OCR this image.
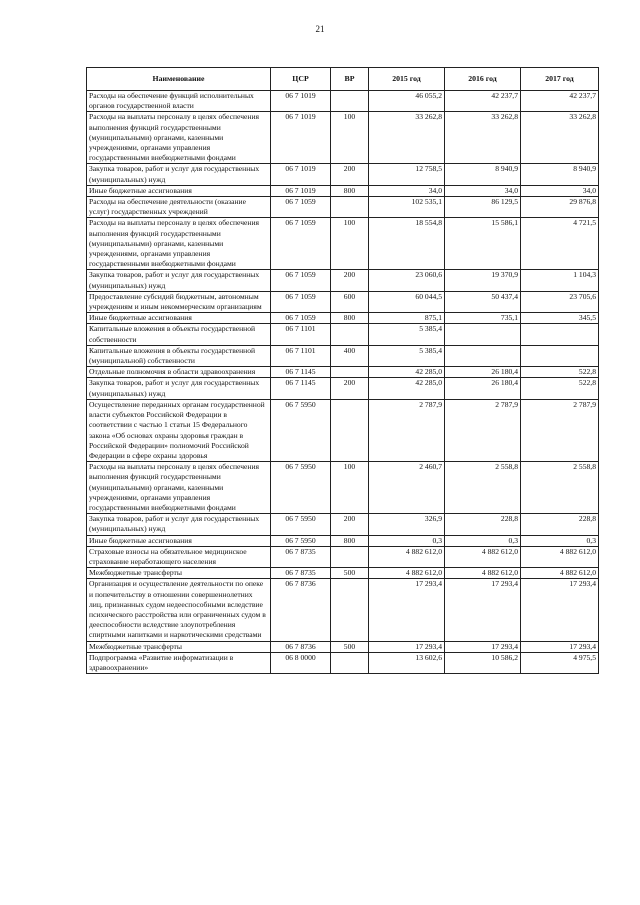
21
Наименование	ЦСР	ВР	2015 год	2016 год	2017 год
Расходы на обеспечение функций исполнительных органов государственной власти	06 7 1019		46 055,2	42 237,7	42 237,7
Расходы на выплаты персоналу в целях обеспечения выполнения функций государственными (муниципальными) органами, казенными учреждениями, органами управления государственными внебюджетными фондами	06 7 1019	100	33 262,8	33 262,8	33 262,8
Закупка товаров, работ и услуг для государственных (муниципальных) нужд	06 7 1019	200	12 758,5	8 940,9	8 940,9
Иные бюджетные ассигнования	06 7 1019	800	34,0	34,0	34,0
Расходы на обеспечение деятельности (оказание услуг) государственных учреждений	06 7 1059		102 535,1	86 129,5	29 876,8
Расходы на выплаты персоналу в целях обеспечения выполнения функций государственными (муниципальными) органами, казенными учреждениями, органами управления государственными внебюджетными фондами	06 7 1059	100	18 554,8	15 586,1	4 721,5
Закупка товаров, работ и услуг для государственных (муниципальных) нужд	06 7 1059	200	23 060,6	19 370,9	1 104,3
Предоставление субсидий бюджетным, автономным учреждениям и иным некоммерческим организациям	06 7 1059	600	60 044,5	50 437,4	23 705,6
Иные бюджетные ассигнования	06 7 1059	800	875,1	735,1	345,5
Капитальные вложения в объекты государственной собственности	06 7 1101		5 385,4		
Капитальные вложения в объекты государственной (муниципальной) собственности	06 7 1101	400	5 385,4		
Отдельные полномочия в области здравоохранения	06 7 1145		42 285,0	26 180,4	522,8
Закупка товаров, работ и услуг для государственных (муниципальных) нужд	06 7 1145	200	42 285,0	26 180,4	522,8
Осуществление переданных органам государственной власти субъектов Российской Федерации в соответствии с частью 1 статьи 15 Федерального закона «Об основах охраны здоровья граждан в Российской Федерации» полномочий Российской Федерации в сфере охраны здоровья	06 7 5950		2 787,9	2 787,9	2 787,9
Расходы на выплаты персоналу в целях обеспечения выполнения функций государственными (муниципальными) органами, казенными учреждениями, органами управления государственными внебюджетными фондами	06 7 5950	100	2 460,7	2 558,8	2 558,8
Закупка товаров, работ и услуг для государственных (муниципальных) нужд	06 7 5950	200	326,9	228,8	228,8
Иные бюджетные ассигнования	06 7 5950	800	0,3	0,3	0,3
Страховые взносы на обязательное медицинское страхование неработающего населения	06 7 8735		4 882 612,0	4 882 612,0	4 882 612,0
Межбюджетные трансферты	06 7 8735	500	4 882 612,0	4 882 612,0	4 882 612,0
Организация и осуществление деятельности по опеке и попечительству в отношении совершеннолетних лиц, признанных судом недееспособными вследствие психического расстройства или ограниченных судом в дееспособности вследствие злоупотребления спиртными напитками и наркотическими средствами	06 7 8736		17 293,4	17 293,4	17 293,4
Межбюджетные трансферты	06 7 8736	500	17 293,4	17 293,4	17 293,4
Подпрограмма «Развитие информатизации в здравоохранении»	06 8 0000		13 602,6	10 586,2	4 975,5
